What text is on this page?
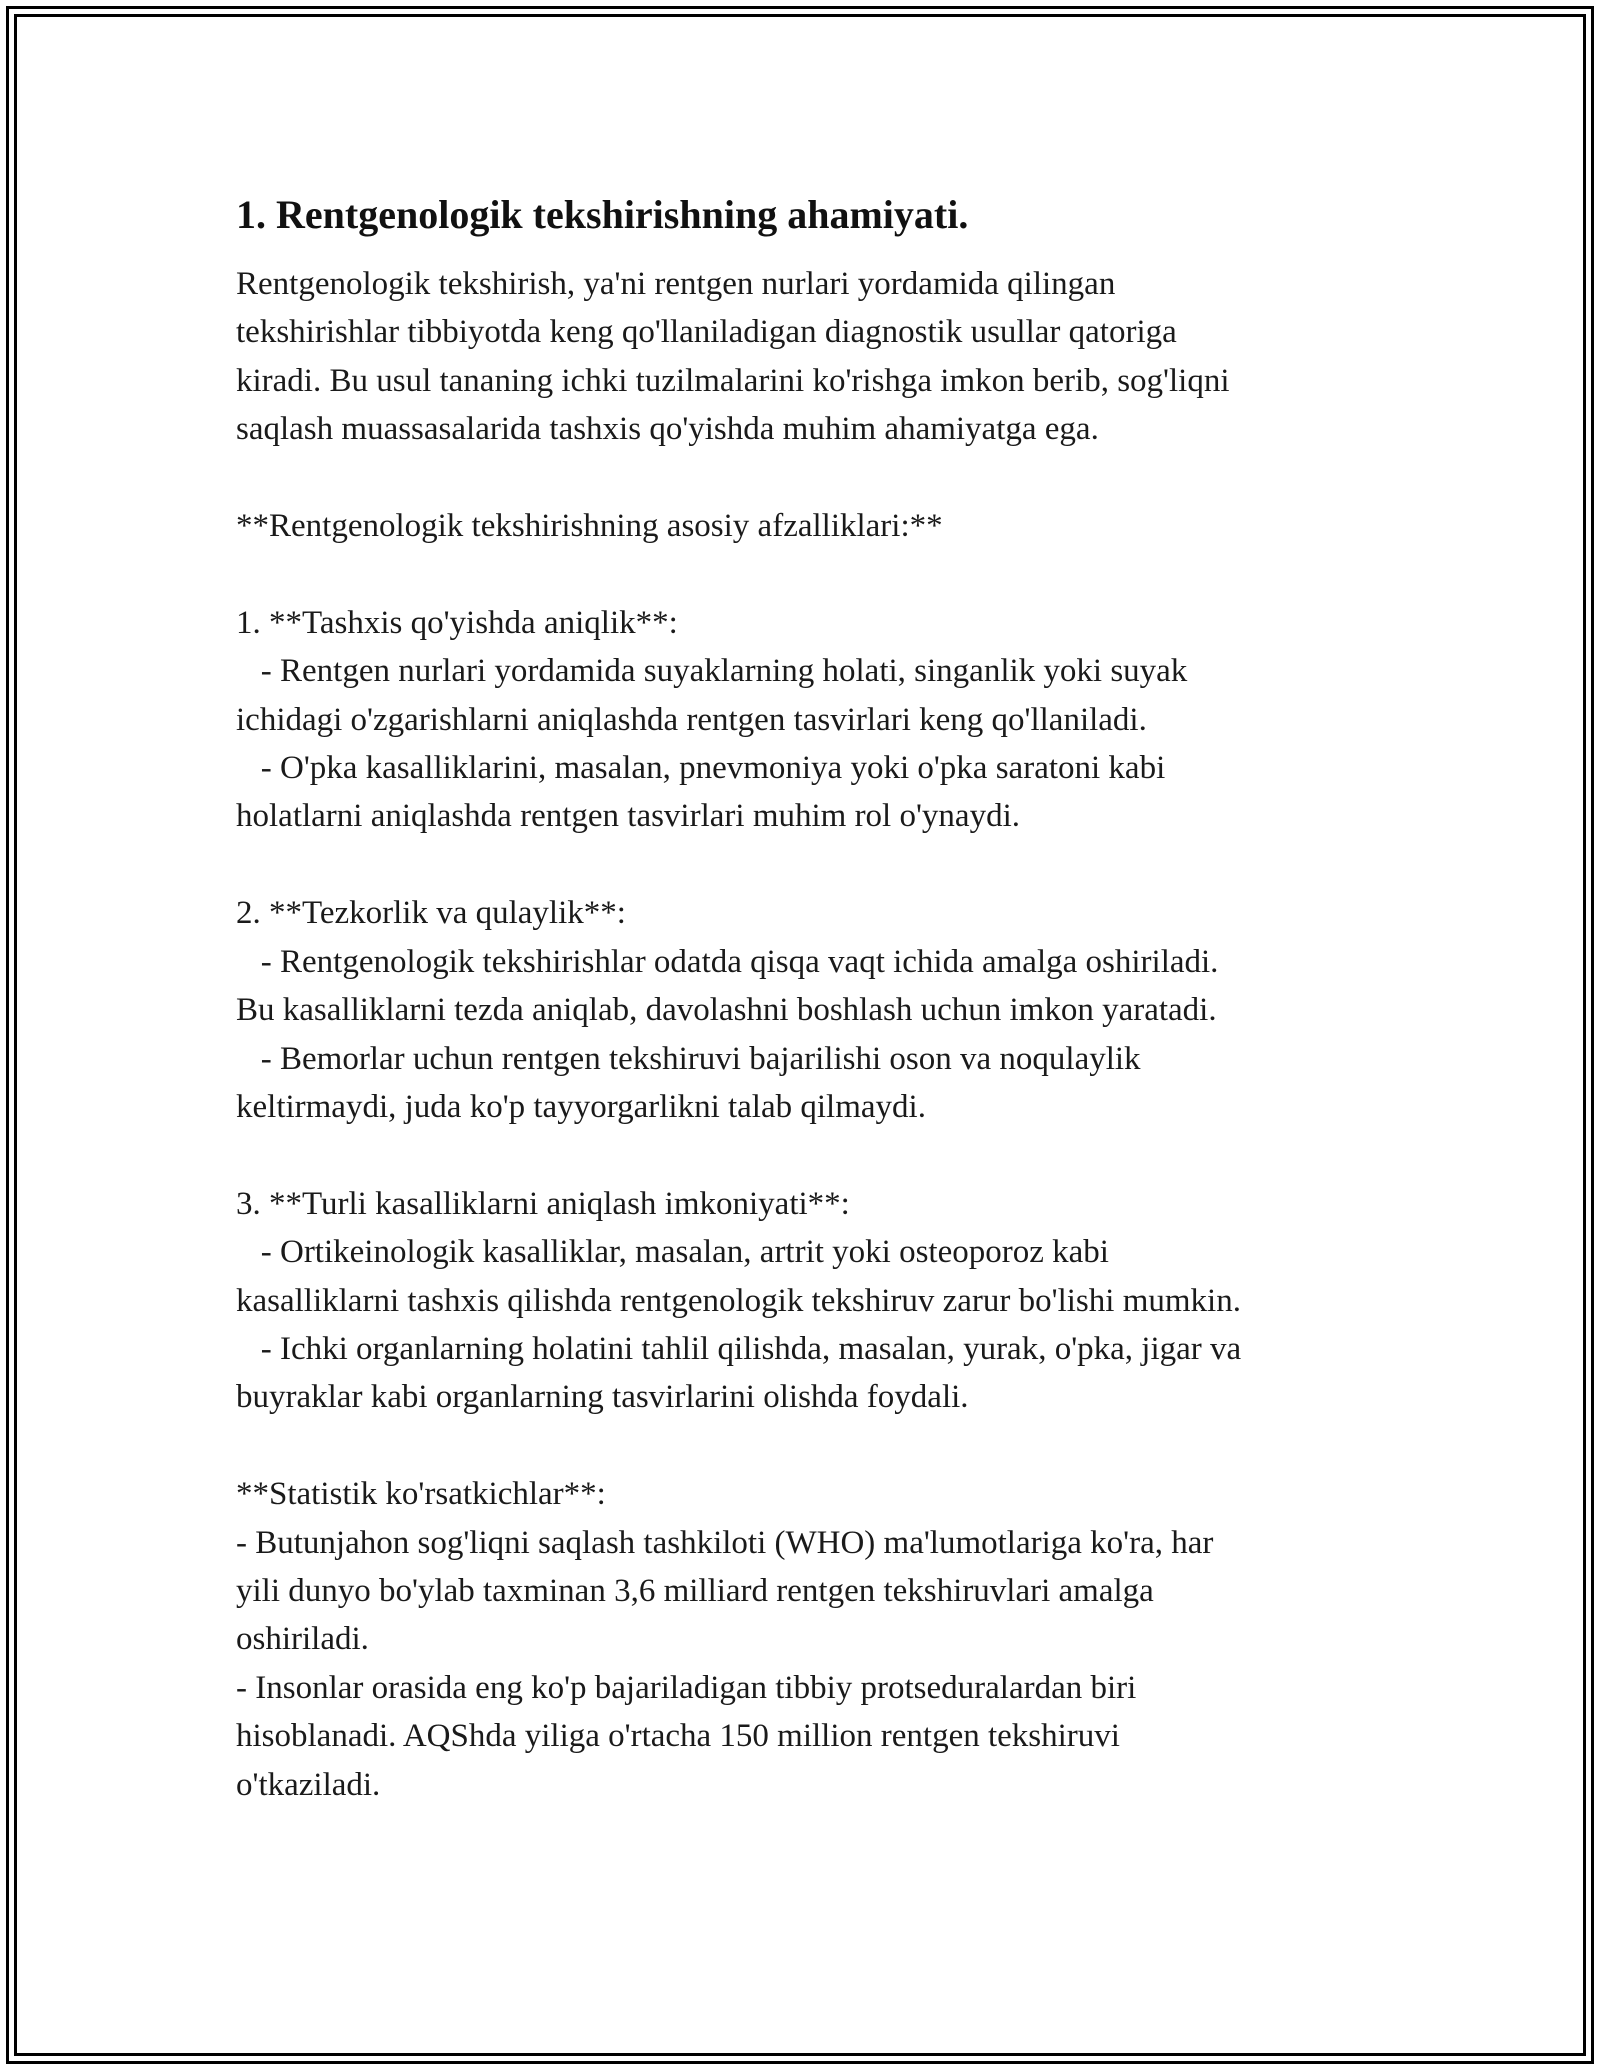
1. Rentgenologik tekshirishning ahamiyati.
Rentgenologik tekshirish, ya'ni rentgen nurlari yordamida qilingan
tekshirishlar tibbiyotda keng qo'llaniladigan diagnostik usullar qatoriga
kiradi. Bu usul tananing ichki tuzilmalarini ko'rishga imkon berib, sog'liqni
saqlash muassasalarida tashxis qo'yishda muhim ahamiyatga ega.

**Rentgenologik tekshirishning asosiy afzalliklari:**

1. **Tashxis qo'yishda aniqlik**:
- Rentgen nurlari yordamida suyaklarning holati, singanlik yoki suyak
ichidagi o'zgarishlarni aniqlashda rentgen tasvirlari keng qo'llaniladi.
- O'pka kasalliklarini, masalan, pnevmoniya yoki o'pka saratoni kabi
holatlarni aniqlashda rentgen tasvirlari muhim rol o'ynaydi.

2. **Tezkorlik va qulaylik**:
- Rentgenologik tekshirishlar odatda qisqa vaqt ichida amalga oshiriladi.
Bu kasalliklarni tezda aniqlab, davolashni boshlash uchun imkon yaratadi.
- Bemorlar uchun rentgen tekshiruvi bajarilishi oson va noqulaylik
keltirmaydi, juda ko'p tayyorgarlikni talab qilmaydi.

3. **Turli kasalliklarni aniqlash imkoniyati**:
- Ortikeinologik kasalliklar, masalan, artrit yoki osteoporoz kabi
kasalliklarni tashxis qilishda rentgenologik tekshiruv zarur bo'lishi mumkin.
- Ichki organlarning holatini tahlil qilishda, masalan, yurak, o'pka, jigar va
buyraklar kabi organlarning tasvirlarini olishda foydali.

**Statistik ko'rsatkichlar**:
- Butunjahon sog'liqni saqlash tashkiloti (WHO) ma'lumotlariga ko'ra, har
yili dunyo bo'ylab taxminan 3,6 milliard rentgen tekshiruvlari amalga
oshiriladi.
- Insonlar orasida eng ko'p bajariladigan tibbiy protseduralardan biri
hisoblanadi. AQShda yiliga o'rtacha 150 million rentgen tekshiruvi
o'tkaziladi.
